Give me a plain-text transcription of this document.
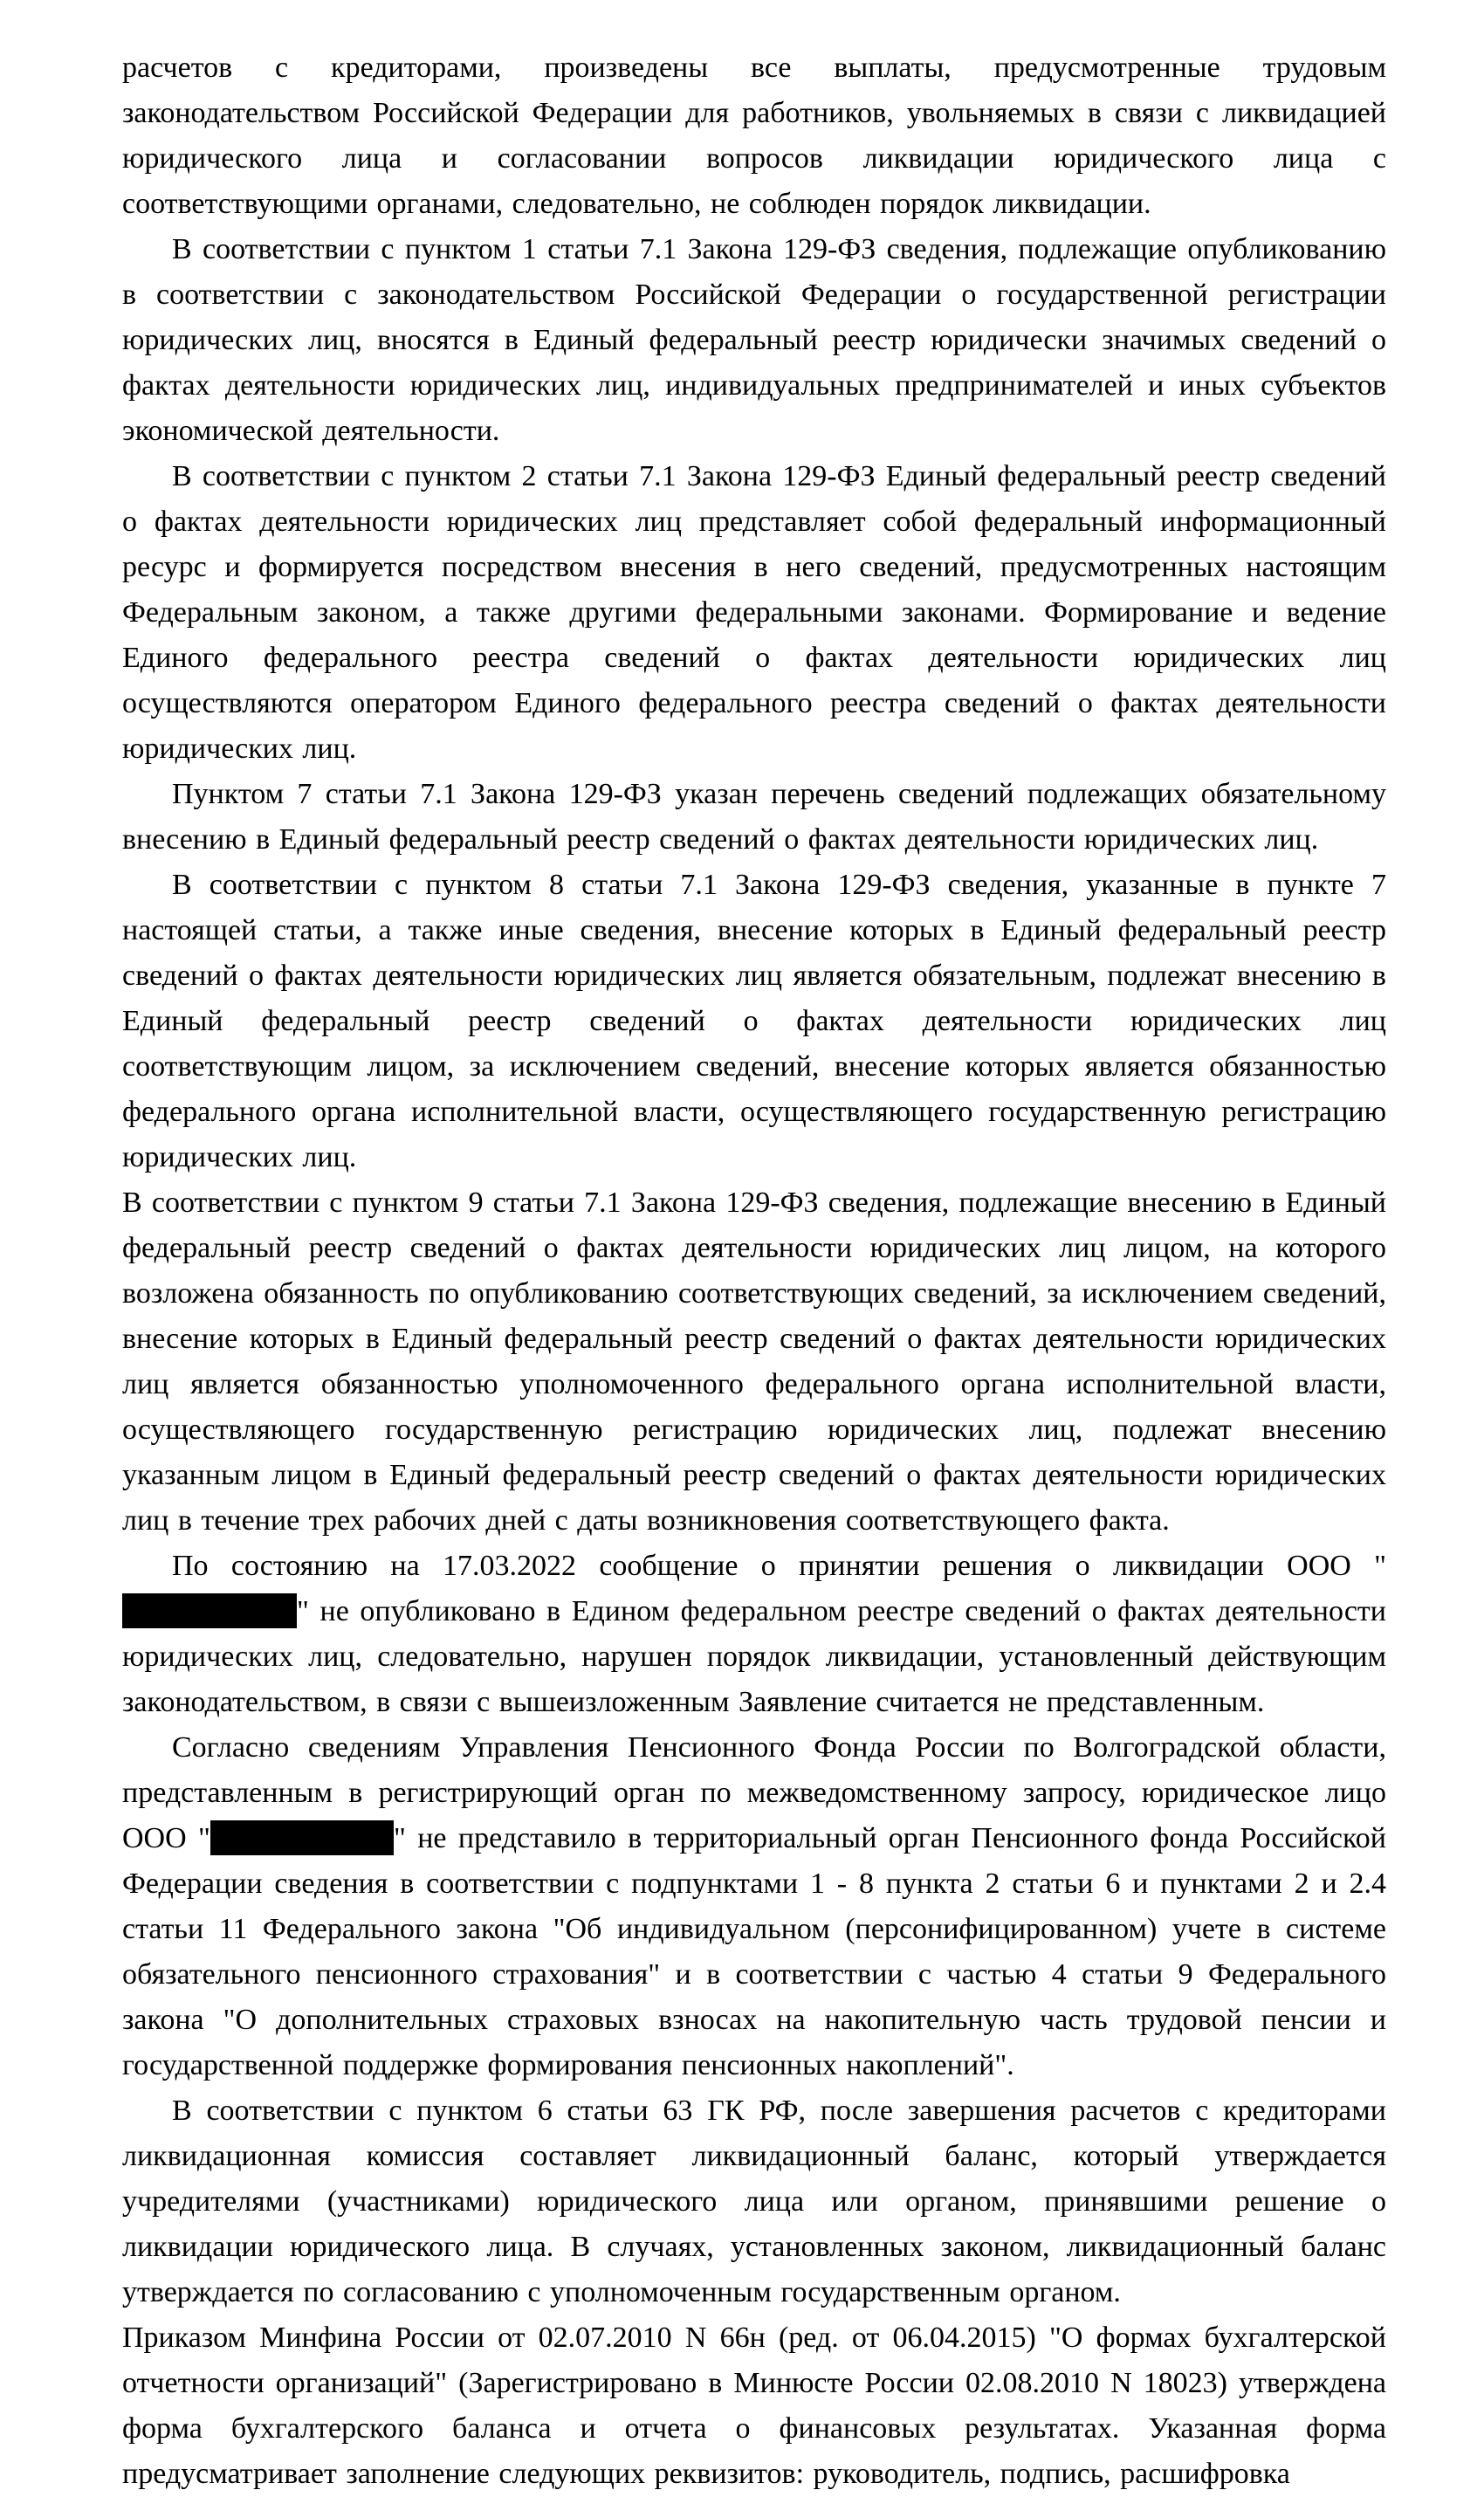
расчетов с кредиторами, произведены все выплаты, предусмотренные трудовым законодательством Российской Федерации для работников, увольняемых в связи с ликвидацией юридического лица и согласовании вопросов ликвидации юридического лица с соответствующими органами, следовательно, не соблюден порядок ликвидации.

В соответствии с пунктом 1 статьи 7.1 Закона 129-ФЗ сведения, подлежащие опубликованию в соответствии с законодательством Российской Федерации о государственной регистрации юридических лиц, вносятся в Единый федеральный реестр юридически значимых сведений о фактах деятельности юридических лиц, индивидуальных предпринимателей и иных субъектов экономической деятельности.

В соответствии с пунктом 2 статьи 7.1 Закона 129-ФЗ Единый федеральный реестр сведений о фактах деятельности юридических лиц представляет собой федеральный информационный ресурс и формируется посредством внесения в него сведений, предусмотренных настоящим Федеральным законом, а также другими федеральными законами. Формирование и ведение Единого федерального реестра сведений о фактах деятельности юридических лиц осуществляются оператором Единого федерального реестра сведений о фактах деятельности юридических лиц.

Пунктом 7 статьи 7.1 Закона 129-ФЗ указан перечень сведений подлежащих обязательному внесению в Единый федеральный реестр сведений о фактах деятельности юридических лиц.

В соответствии с пунктом 8 статьи 7.1 Закона 129-ФЗ сведения, указанные в пункте 7 настоящей статьи, а также иные сведения, внесение которых в Единый федеральный реестр сведений о фактах деятельности юридических лиц является обязательным, подлежат внесению в Единый федеральный реестр сведений о фактах деятельности юридических лиц соответствующим лицом, за исключением сведений, внесение которых является обязанностью федерального органа исполнительной власти, осуществляющего государственную регистрацию юридических лиц.

В соответствии с пунктом 9 статьи 7.1 Закона 129-ФЗ сведения, подлежащие внесению в Единый федеральный реестр сведений о фактах деятельности юридических лиц лицом, на которого возложена обязанность по опубликованию соответствующих сведений, за исключением сведений, внесение которых в Единый федеральный реестр сведений о фактах деятельности юридических лиц является обязанностью уполномоченного федерального органа исполнительной власти, осуществляющего государственную регистрацию юридических лиц, подлежат внесению указанным лицом в Единый федеральный реестр сведений о фактах деятельности юридических лиц в течение трех рабочих дней с даты возникновения соответствующего факта.

По состоянию на 17.03.2022 сообщение о принятии решения о ликвидации ООО "" не опубликовано в Едином федеральном реестре сведений о фактах деятельности юридических лиц, следовательно, нарушен порядок ликвидации, установленный действующим законодательством, в связи с вышеизложенным Заявление считается не представленным.

Согласно сведениям Управления Пенсионного Фонда России по Волгоградской области, представленным в регистрирующий орган по межведомственному запросу, юридическое лицо ООО "	" не представило в территориальный орган Пенсионного фонда Российской Федерации сведения в соответствии с подпунктами 1 - 8 пункта 2 статьи 6 и пунктами 2 и 2.4 статьи 11 Федерального закона "Об индивидуальном (персонифицированном) учете в системе обязательного пенсионного страхования" и в соответствии с частью 4 статьи 9 Федерального закона "О дополнительных страховых взносах на накопительную часть трудовой пенсии и государственной поддержке формирования пенсионных накоплений".

В соответствии с пунктом 6 статьи 63 ГК РФ, после завершения расчетов с кредиторами ликвидационная комиссия составляет ликвидационный баланс, который утверждается учредителями (участниками) юридического лица или органом, принявшими решение о ликвидации юридического лица. В случаях, установленных законом, ликвидационный баланс утверждается по согласованию с уполномоченным государственным органом.

Приказом Минфина России от 02.07.2010 N 66н (ред. от 06.04.2015) "О формах бухгалтерской отчетности организаций" (Зарегистрировано в Минюсте России 02.08.2010 N 18023) утверждена форма бухгалтерского баланса и отчета о финансовых результатах. Указанная форма предусматривает заполнение следующих реквизитов: руководитель, подпись, расшифровка
